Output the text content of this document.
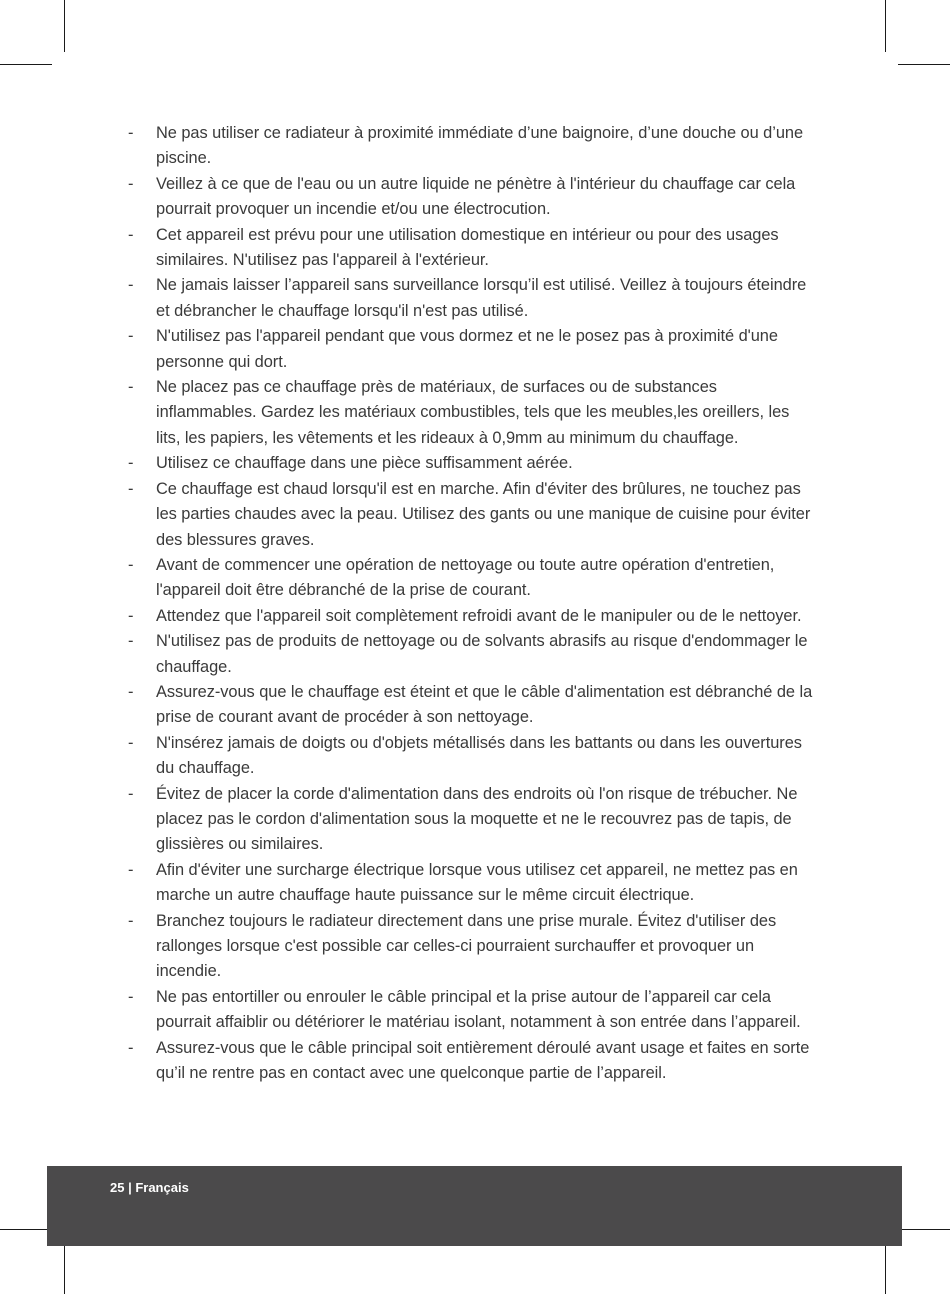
- Ne pas utiliser ce radiateur à proximité immédiate d’une baignoire, d’une douche ou d’une piscine.
- Veillez à ce que de l'eau ou un autre liquide ne pénètre à l'intérieur du chauffage car cela pourrait provoquer un incendie et/ou une électrocution.
- Cet appareil est prévu pour une utilisation domestique en intérieur ou pour des usages similaires. N'utilisez pas l'appareil à l'extérieur.
- Ne jamais laisser l’appareil sans surveillance lorsqu’il est utilisé. Veillez à toujours éteindre et débrancher le chauffage lorsqu'il n'est pas utilisé.
- N'utilisez pas l'appareil pendant que vous dormez et ne le posez pas à proximité d'une personne qui dort.
- Ne placez pas ce chauffage près de matériaux, de surfaces ou de substances inflammables. Gardez les matériaux combustibles, tels que les meubles,les oreillers, les lits, les papiers, les vêtements et les rideaux à 0,9mm au minimum du chauffage.
- Utilisez ce chauffage dans une pièce suffisamment aérée.
- Ce chauffage est chaud lorsqu'il est en marche. Afin d'éviter des brûlures, ne touchez pas les parties chaudes avec la peau. Utilisez des gants ou une manique de cuisine pour éviter des blessures graves.
- Avant de commencer une opération de nettoyage ou toute autre opération d'entretien, l'appareil doit être débranché de la prise de courant.
- Attendez que l'appareil soit complètement refroidi avant de le manipuler ou de le nettoyer.
- N'utilisez pas de produits de nettoyage ou de solvants abrasifs au risque d'endommager le chauffage.
- Assurez-vous que le chauffage est éteint et que le câble d'alimentation est débranché de la prise de courant avant de procéder à son nettoyage.
- N'insérez jamais de doigts ou d'objets métallisés dans les battants ou dans les ouvertures du chauffage.
- Évitez de placer la corde d'alimentation dans des endroits où l'on risque de trébucher. Ne placez pas le cordon d'alimentation sous la moquette et ne le recouvrez pas de tapis, de glissières ou similaires.
- Afin d'éviter une surcharge électrique lorsque vous utilisez cet appareil, ne mettez pas en marche un autre chauffage haute puissance sur le même circuit électrique.
- Branchez toujours le radiateur directement dans une prise murale. Évitez d'utiliser des rallonges lorsque c'est possible car celles-ci pourraient surchauffer et provoquer un incendie.
- Ne pas entortiller ou enrouler le câble principal et la prise autour de l’appareil car cela pourrait affaiblir ou détériorer le matériau isolant, notamment à son entrée dans l’appareil.
- Assurez-vous que le câble principal soit entièrement déroulé avant usage et faites en sorte qu’il ne rentre pas en contact avec une quelconque partie de l’appareil.
25 | Français
